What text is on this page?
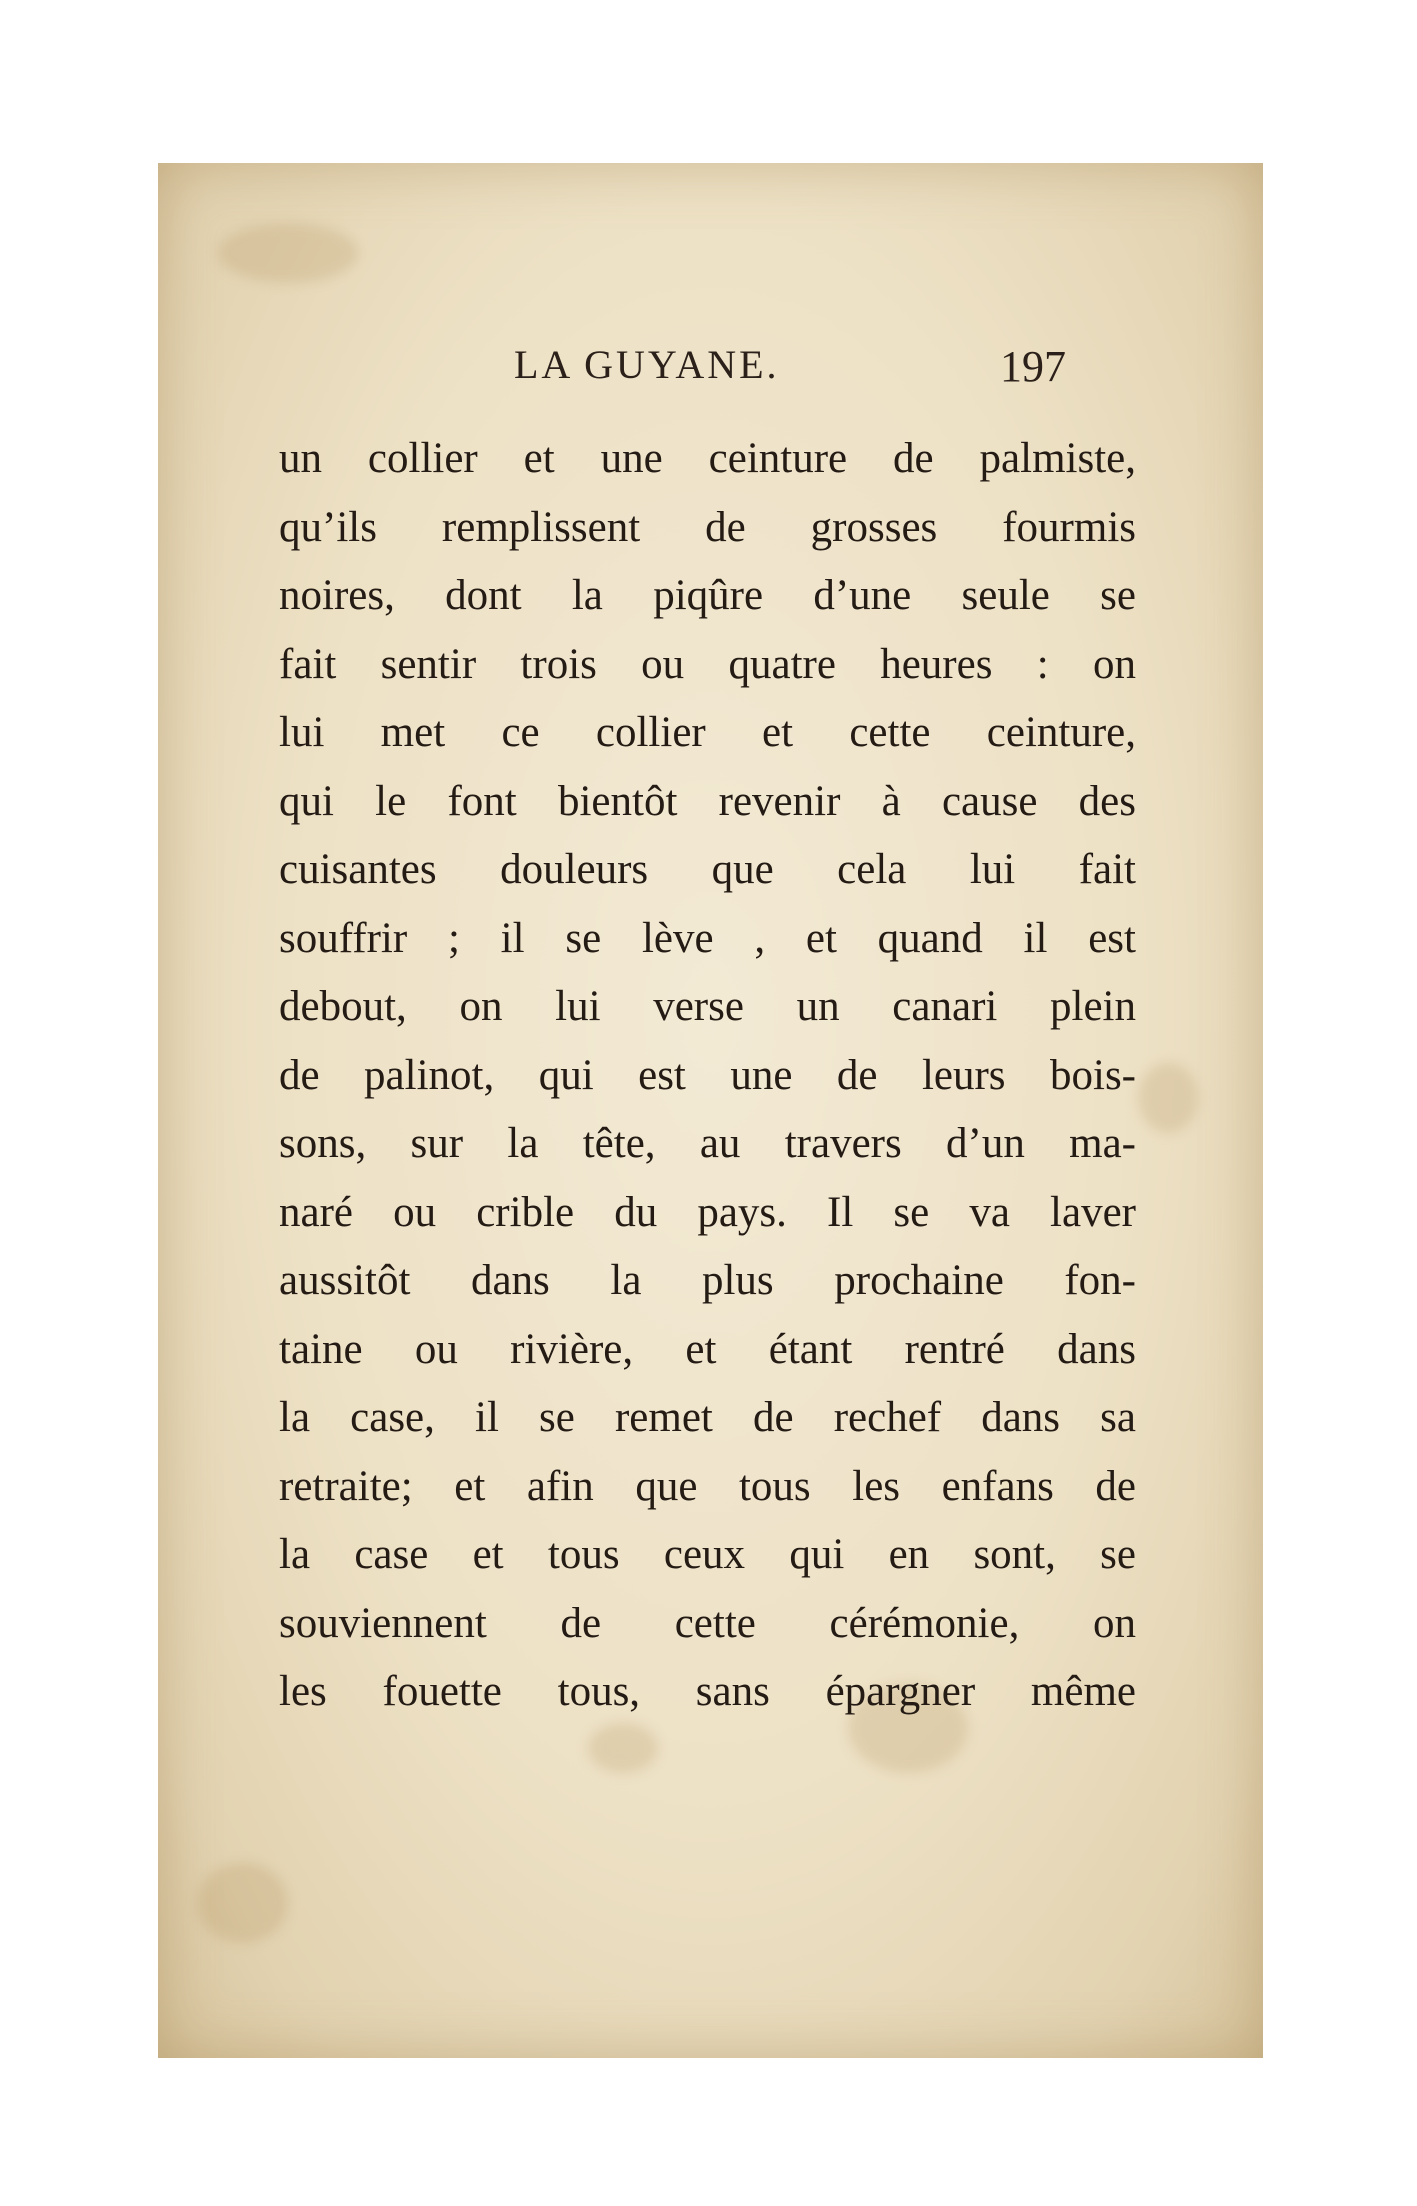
LA GUYANE.	197
un collier et une ceinture de palmiste,
qu’ils remplissent de grosses fourmis
noires, dont la piqûre d’une seule se
fait sentir trois ou quatre heures : on
lui met ce collier et cette ceinture,
qui le font bientôt revenir à cause des
cuisantes douleurs que cela lui fait
souffrir ; il se lève , et quand il est
debout, on lui verse un canari plein
de palinot, qui est une de leurs bois-
sons, sur la tête, au travers d’un ma-
naré ou crible du pays. Il se va laver
aussitôt dans la plus prochaine fon-
taine ou rivière, et étant rentré dans
la case, il se remet de rechef dans sa
retraite; et afin que tous les enfans de
la case et tous ceux qui en sont, se
souviennent de cette cérémonie, on
les fouette tous, sans épargner même
